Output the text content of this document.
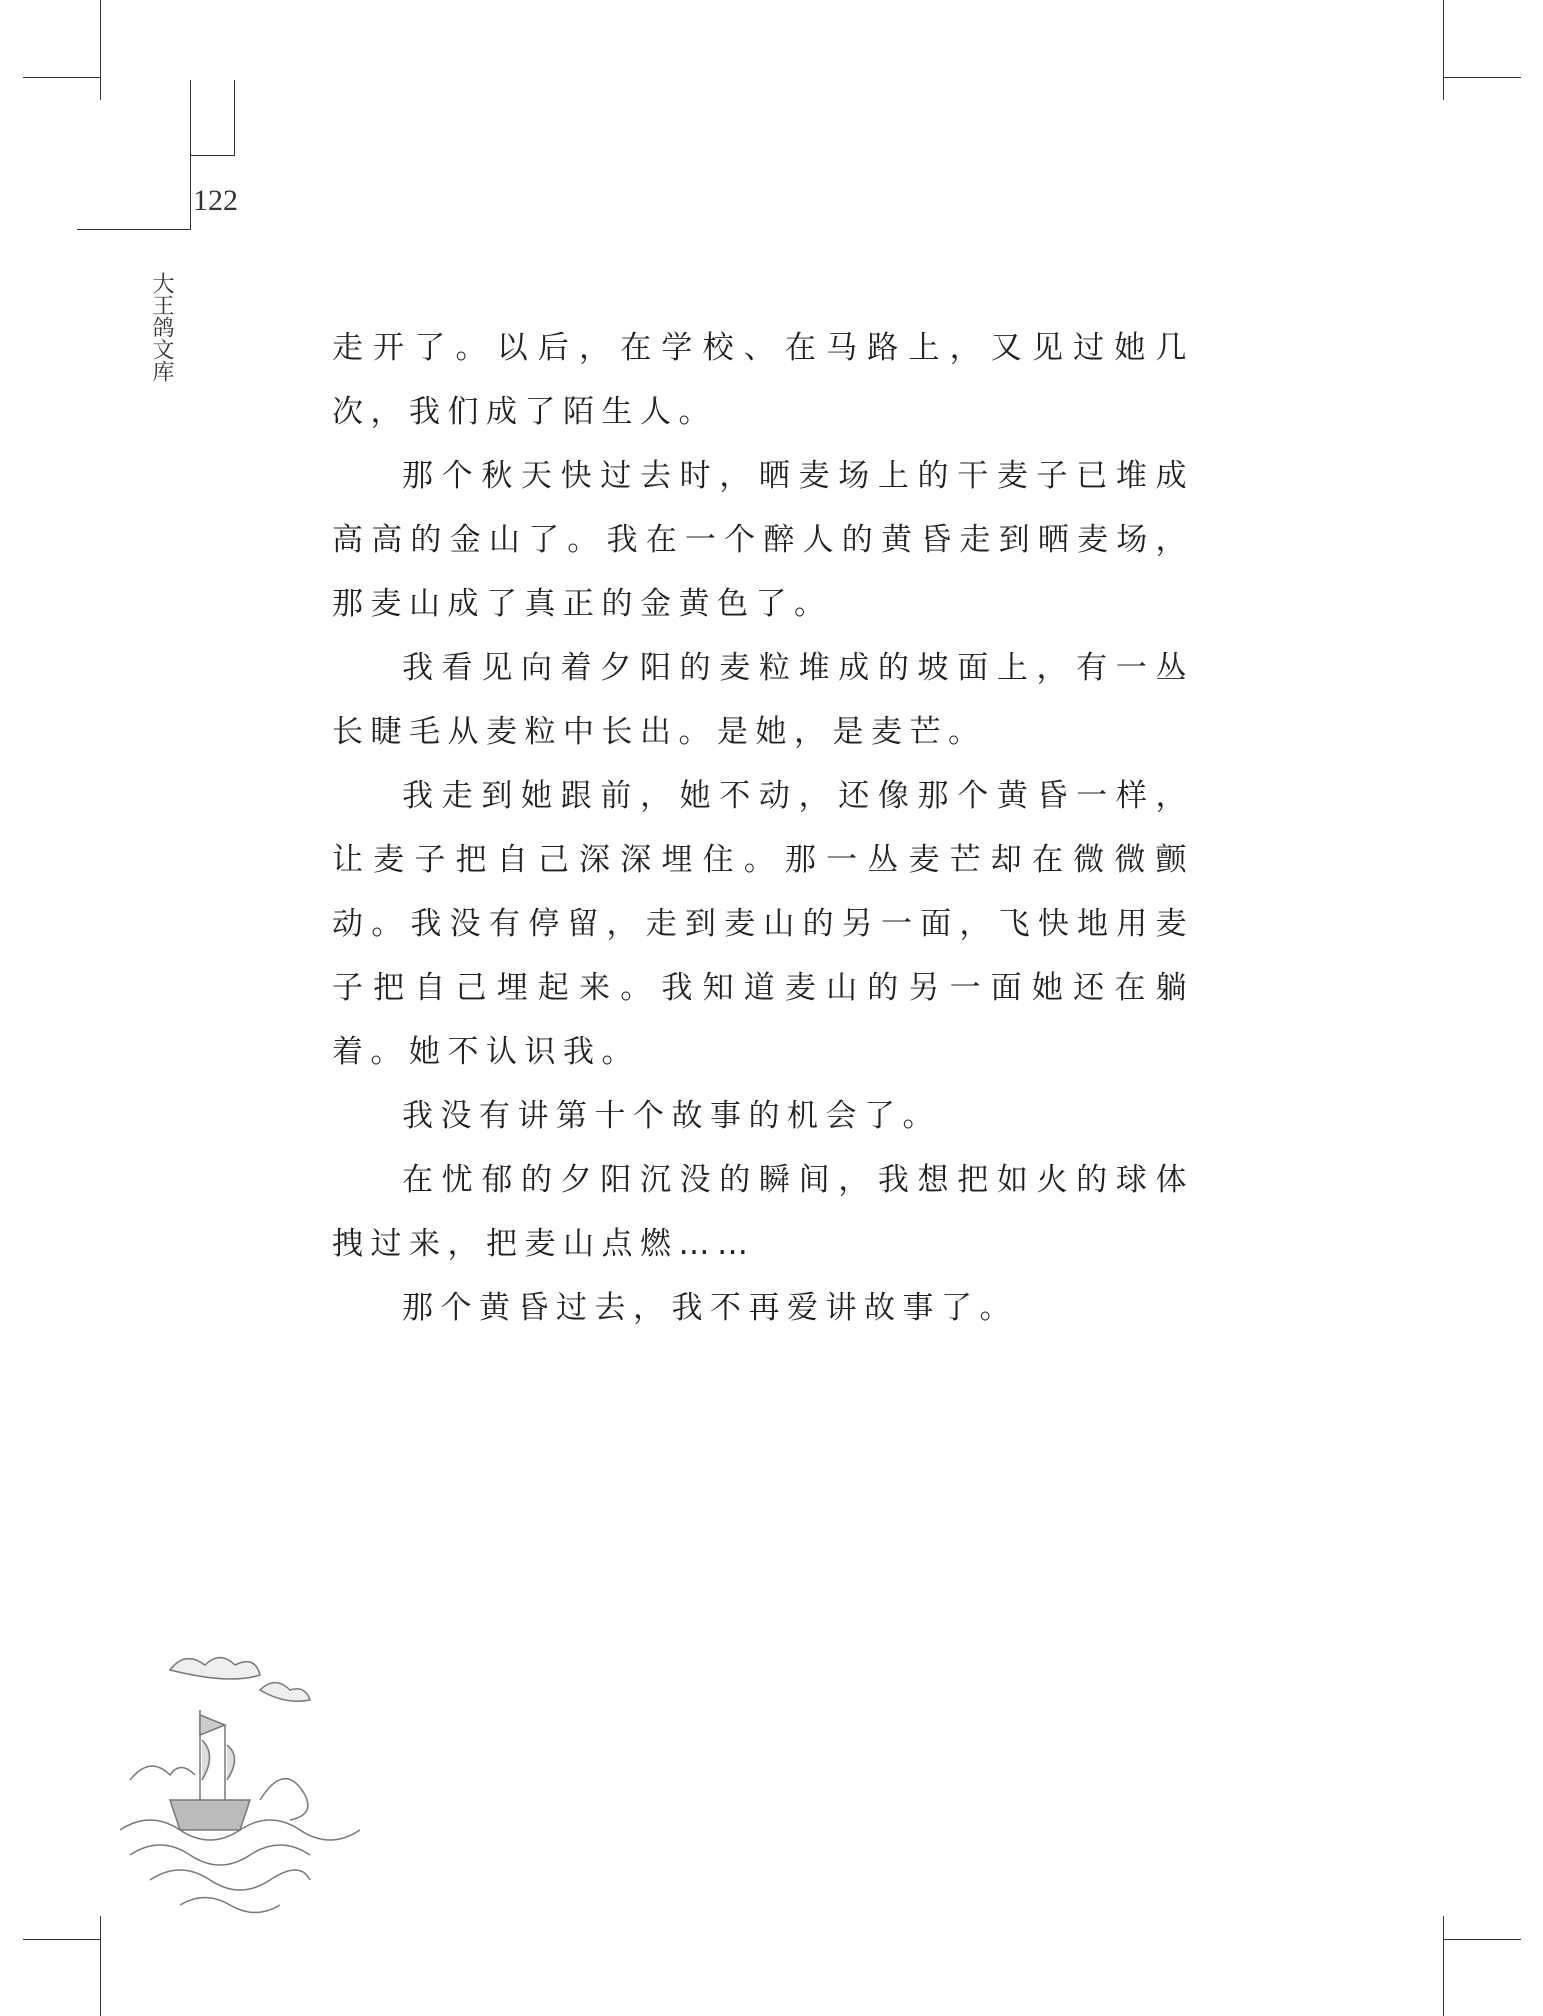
122
大王鸽文库	走开了。以后，在学校、在马路上，又见过她几次，我们成了陌生人。

那个秋天快过去时，晒麦场上的干麦子已堆成高高的金山了。我在一个醉人的黄昏走到晒麦场，那麦山成了真正的金黄色了。

我看见向着夕阳的麦粒堆成的坡面上，有一丛长睫毛从麦粒中长出。是她，是麦芒。

我走到她跟前，她不动，还像那个黄昏一样，让麦子把自己深深埋住。那一丛麦芒却在微微颤动。我没有停留，走到麦山的另一面，飞快地用麦子把自己埋起来。我知道麦山的另一面她还在躺着。她不认识我。

我没有讲第十个故事的机会了。

在忧郁的夕阳沉没的瞬间，我想把如火的球体拽过来，把麦山点燃……

那个黄昏过去，我不再爱讲故事了。
